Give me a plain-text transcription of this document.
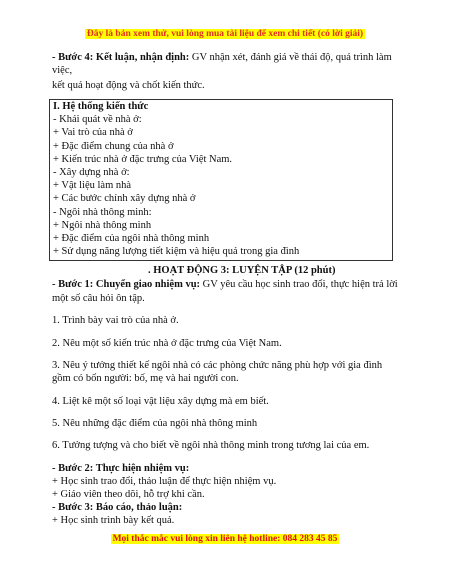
Đây là bản xem thử, vui lòng mua tài liệu để xem chi tiết (có lời giải)
- Bước 4: Kết luận, nhận định: GV nhận xét, đánh giá về thái độ, quá trình làm việc,
kết quả hoạt động và chốt kiến thức.
I. Hệ thống kiến thức
- Khái quát về nhà ở:
+ Vai trò của nhà ở
+ Đặc điểm chung của nhà ở
+ Kiến trúc nhà ở đặc trưng của Việt Nam.
- Xây dựng nhà ở:
+ Vật liệu làm nhà
+ Các bước chính xây dựng nhà ở
- Ngôi nhà thông minh:
+ Ngôi nhà thông minh
+ Đặc điểm của ngôi nhà thông minh
+ Sử dụng năng lượng tiết kiệm và hiệu quả trong gia đình
. HOẠT ĐỘNG 3: LUYỆN TẬP (12 phút)
- Bước 1: Chuyển giao nhiệm vụ: GV yêu cầu học sinh trao đổi, thực hiện trả lời
một số câu hỏi ôn tập.
1. Trình bày vai trò của nhà ở.
2. Nêu một số kiến trúc nhà ở đặc trưng của Việt Nam.
3. Nêu ý tưởng thiết kế ngôi nhà có các phòng chức năng phù hợp với gia đình
gồm có bốn người: bố, mẹ và hai người con.
4. Liệt kê một số loại vật liệu xây dựng mà em biết.
5. Nêu những đặc điểm của ngôi nhà thông minh
6. Tưởng tượng và cho biết về ngôi nhà thông minh trong tương lai của em.
- Bước 2: Thực hiện nhiệm vụ:
+ Học sinh trao đổi, thảo luận để thực hiện nhiệm vụ.
+ Giáo viên theo dõi, hỗ trợ khi cần.
- Bước 3: Báo cáo, thảo luận:
+ Học sinh trình bày kết quả.
Mọi thắc mắc vui lòng xin liên hệ hotline: 084 283 45 85
